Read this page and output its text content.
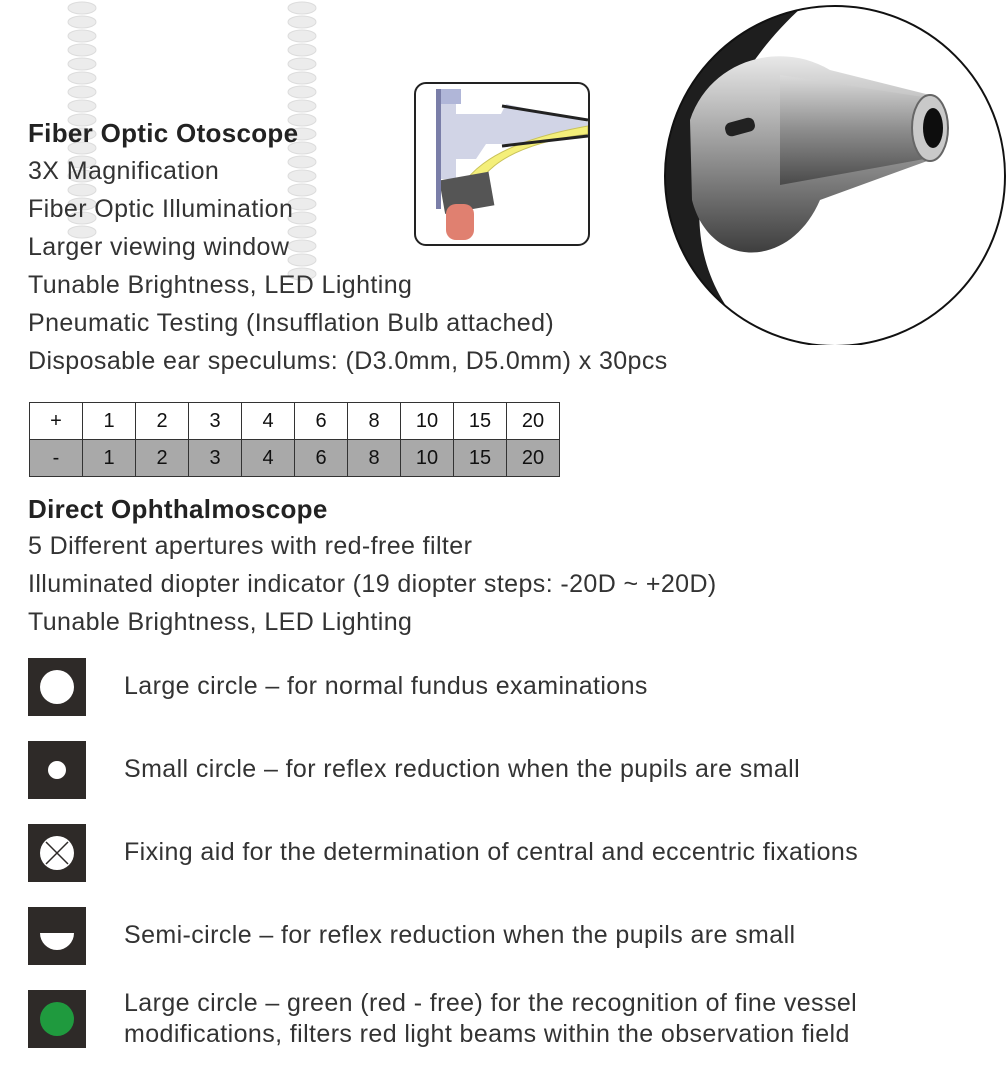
Fiber Optic Otoscope
3X Magnification
Fiber Optic Illumination
Larger viewing window
Tunable Brightness, LED Lighting
Pneumatic Testing (Insufflation Bulb attached)
Disposable ear speculums: (D3.0mm, D5.0mm) x 30pcs
+	1	2	3	4	6	8	10	15	20
-	1	2	3	4	6	8	10	15	20
Direct Ophthalmoscope
5 Different apertures with red-free filter
Illuminated diopter indicator (19 diopter steps: -20D ~ +20D)
Tunable Brightness, LED Lighting
Large circle – for normal fundus examinations
Small circle – for reflex reduction when the pupils are small
Fixing aid for the determination of central and eccentric fixations
Semi-circle – for reflex reduction when the pupils are small
Large circle – green (red - free) for the recognition of fine vessel
modifications, filters red light beams within the observation field
